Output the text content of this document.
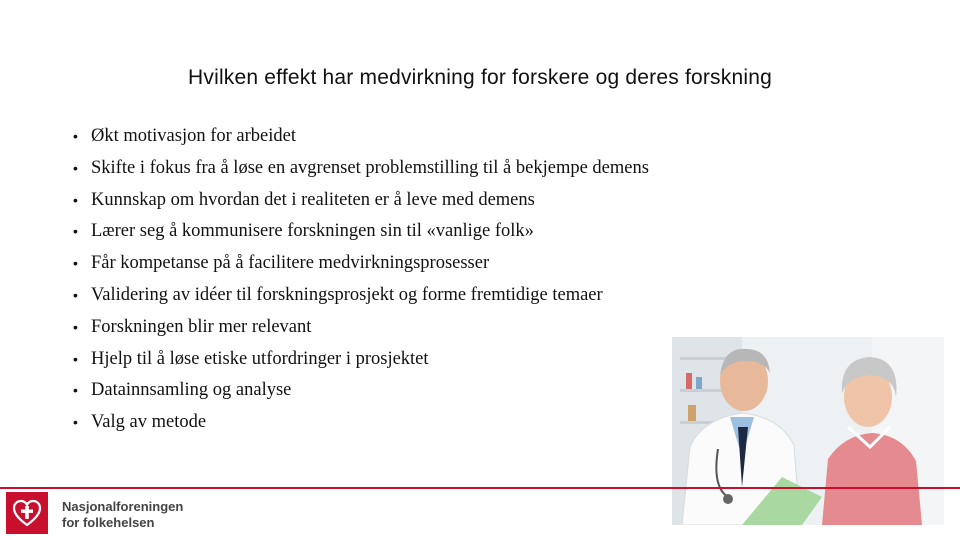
Hvilken effekt har medvirkning for forskere og deres forskning
• Økt motivasjon for arbeidet
• Skifte i fokus fra å løse en avgrenset problemstilling til å bekjempe demens
• Kunnskap om hvordan det i realiteten er å leve med demens
• Lærer seg å kommunisere forskningen sin til «vanlige folk»
• Får kompetanse på å facilitere medvirkningsprosesser
• Validering av idéer til forskningsprosjekt og forme fremtidige temaer
• Forskningen blir mer relevant
• Hjelp til å løse etiske utfordringer i prosjektet
• Datainnsamling og analyse
• Valg av metode
Nasjonalforeningen
for folkehelsen
